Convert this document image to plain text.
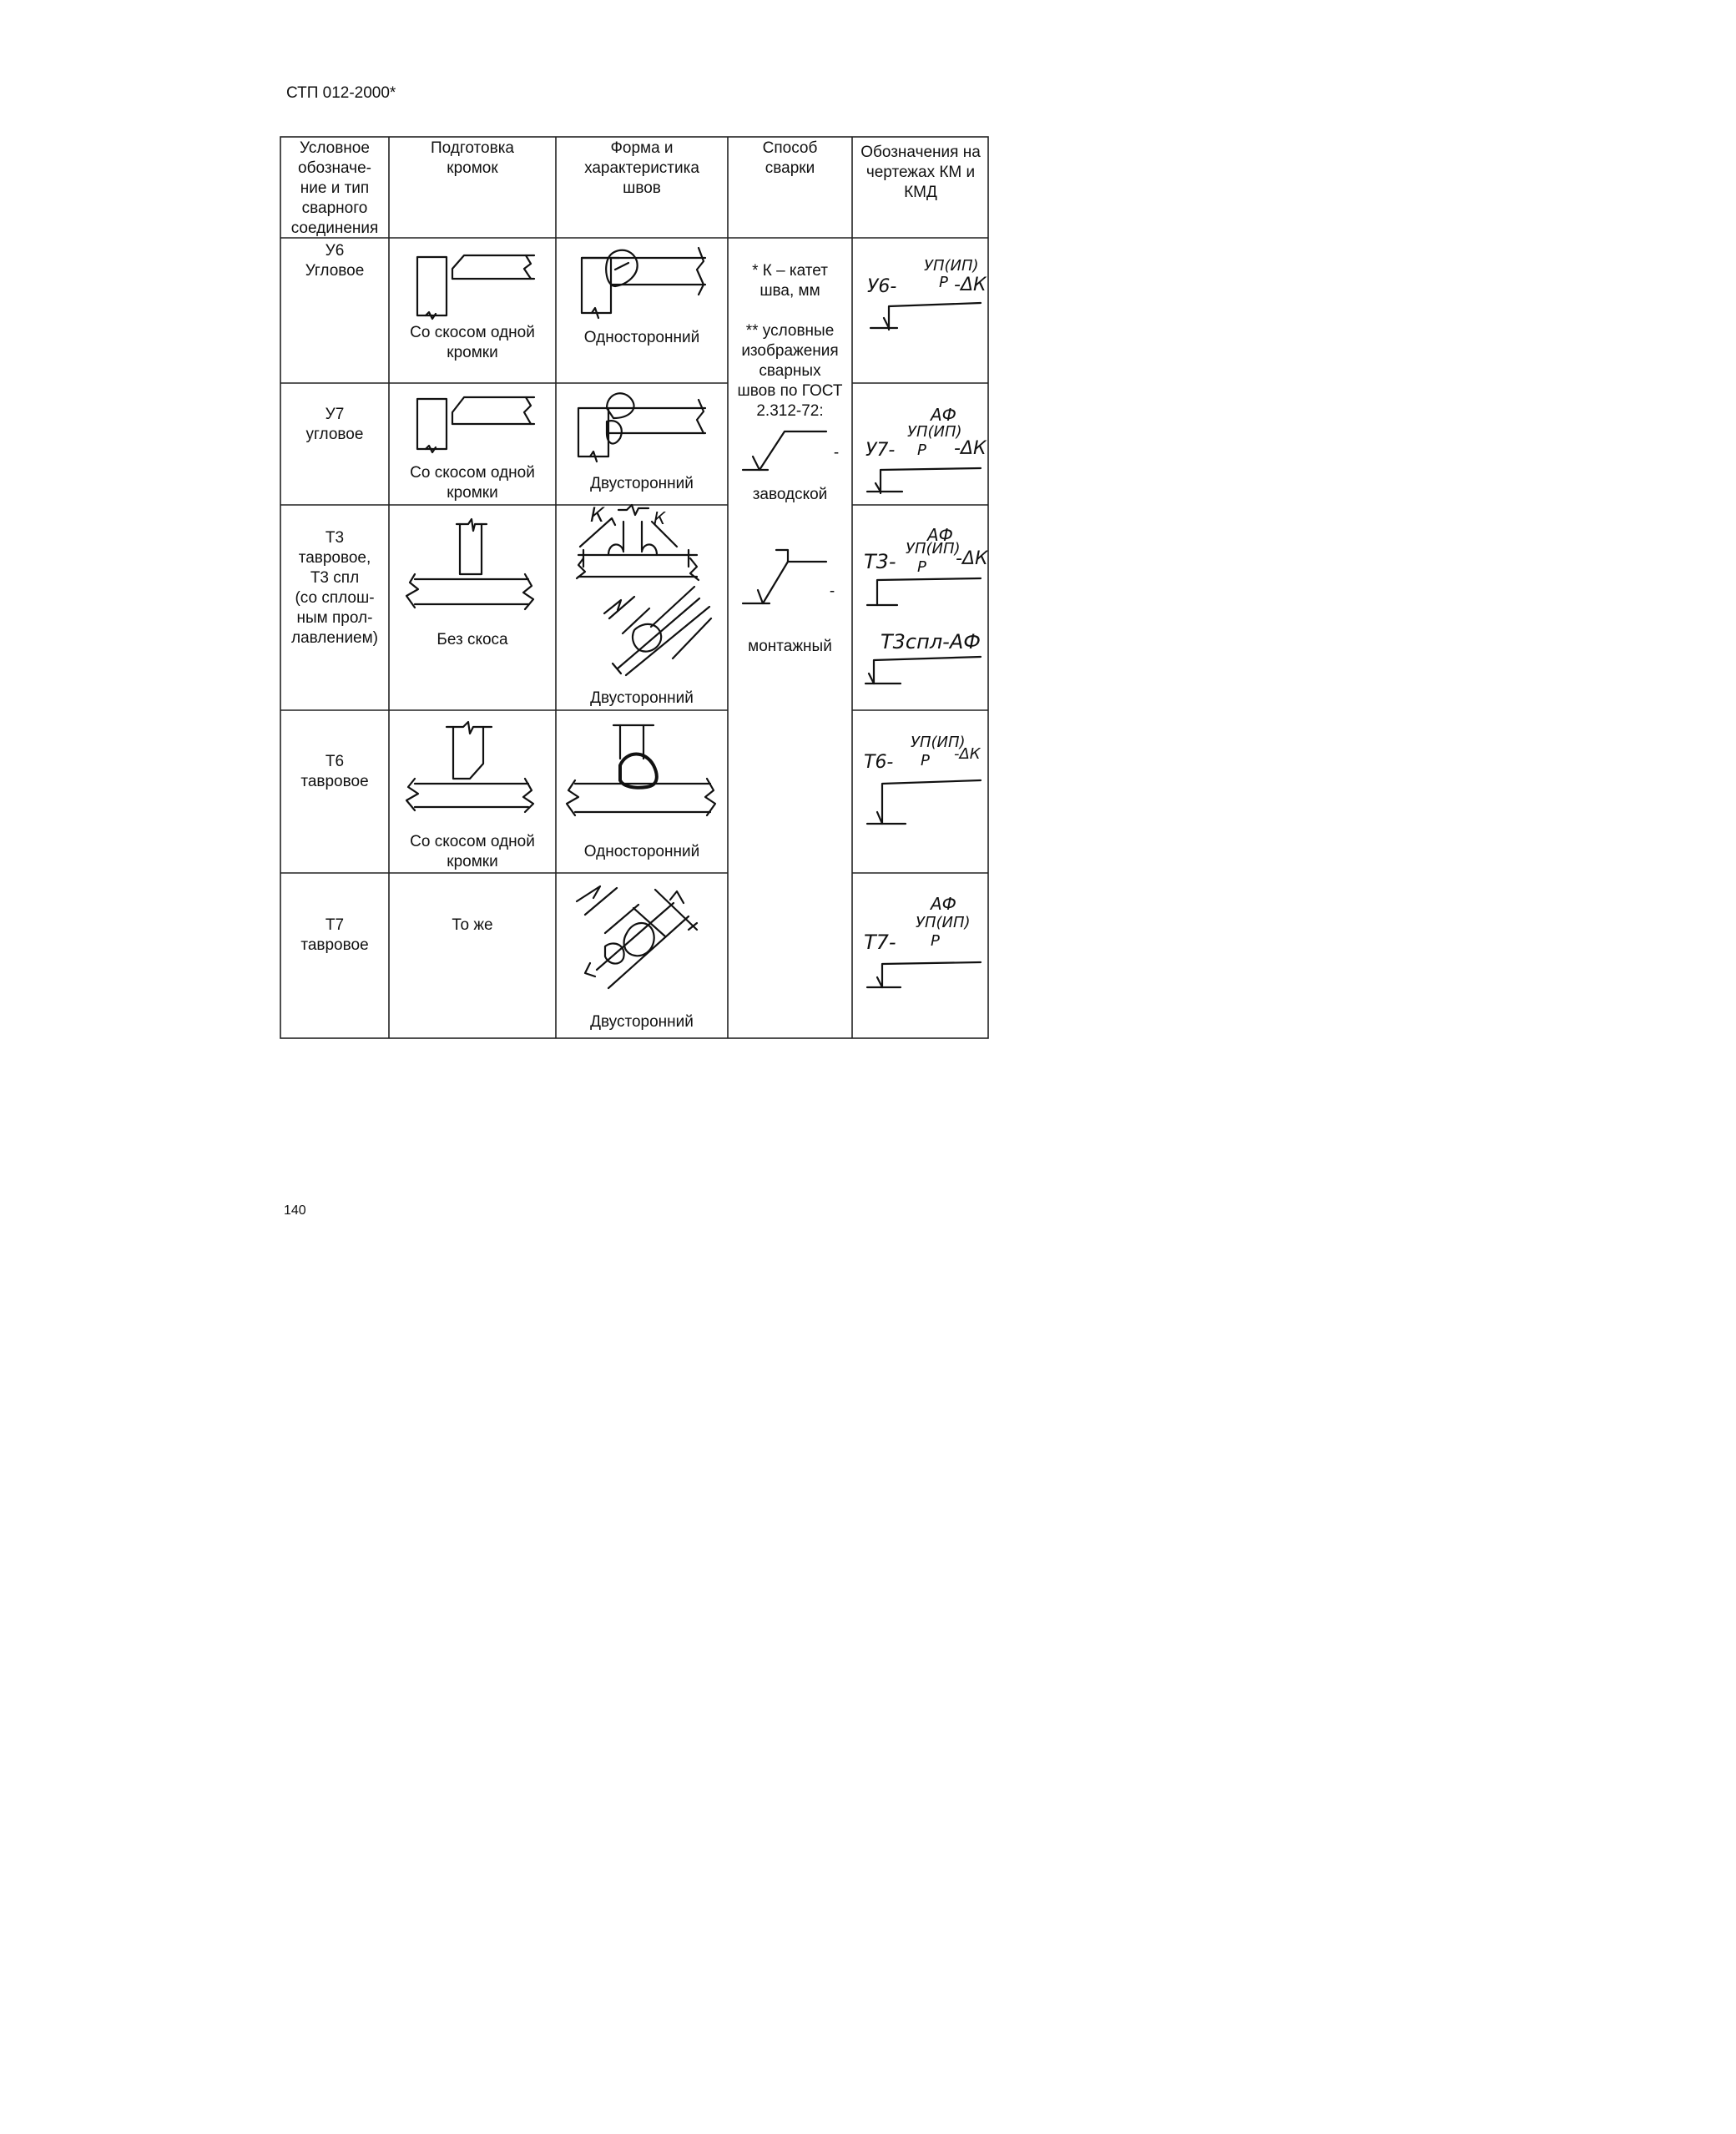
СТП 012-2000*
Условное
обозначе-
ние и тип
сварного
соединения
Подготовка
кромок
Форма и
характеристика
швов
Способ
сварки
Обозначения на
чертежах КМ и
КМД
У6
Угловое
Со скосом одной
кромки
Односторонний
У6-
УП(ИП)
Р -ΔК
* К – катет
шва, мм
** условные
изображения
сварных
швов по ГОСТ
2.312-72:
-
заводской
-
монтажный
У7
угловое
Со скосом одной
кромки
Двусторонний
АФ
У7-
УП(ИП)
Р -ΔК
Т3
тавровое,
Т3 спл
(со сплош-
ным прол-
лавлением)	Без скоса
К	К
Двусторонний
АФ
Т3-
УП(ИП)
Р -ΔК
Т3спл-АФ
Т6
тавровое
Со скосом одной
кромки
Односторонний
Т6-
УП(ИП)
Р -ΔК
Т7
тавровое
То же
Двусторонний
АФ
Т7-
УП(ИП)
Р
140
